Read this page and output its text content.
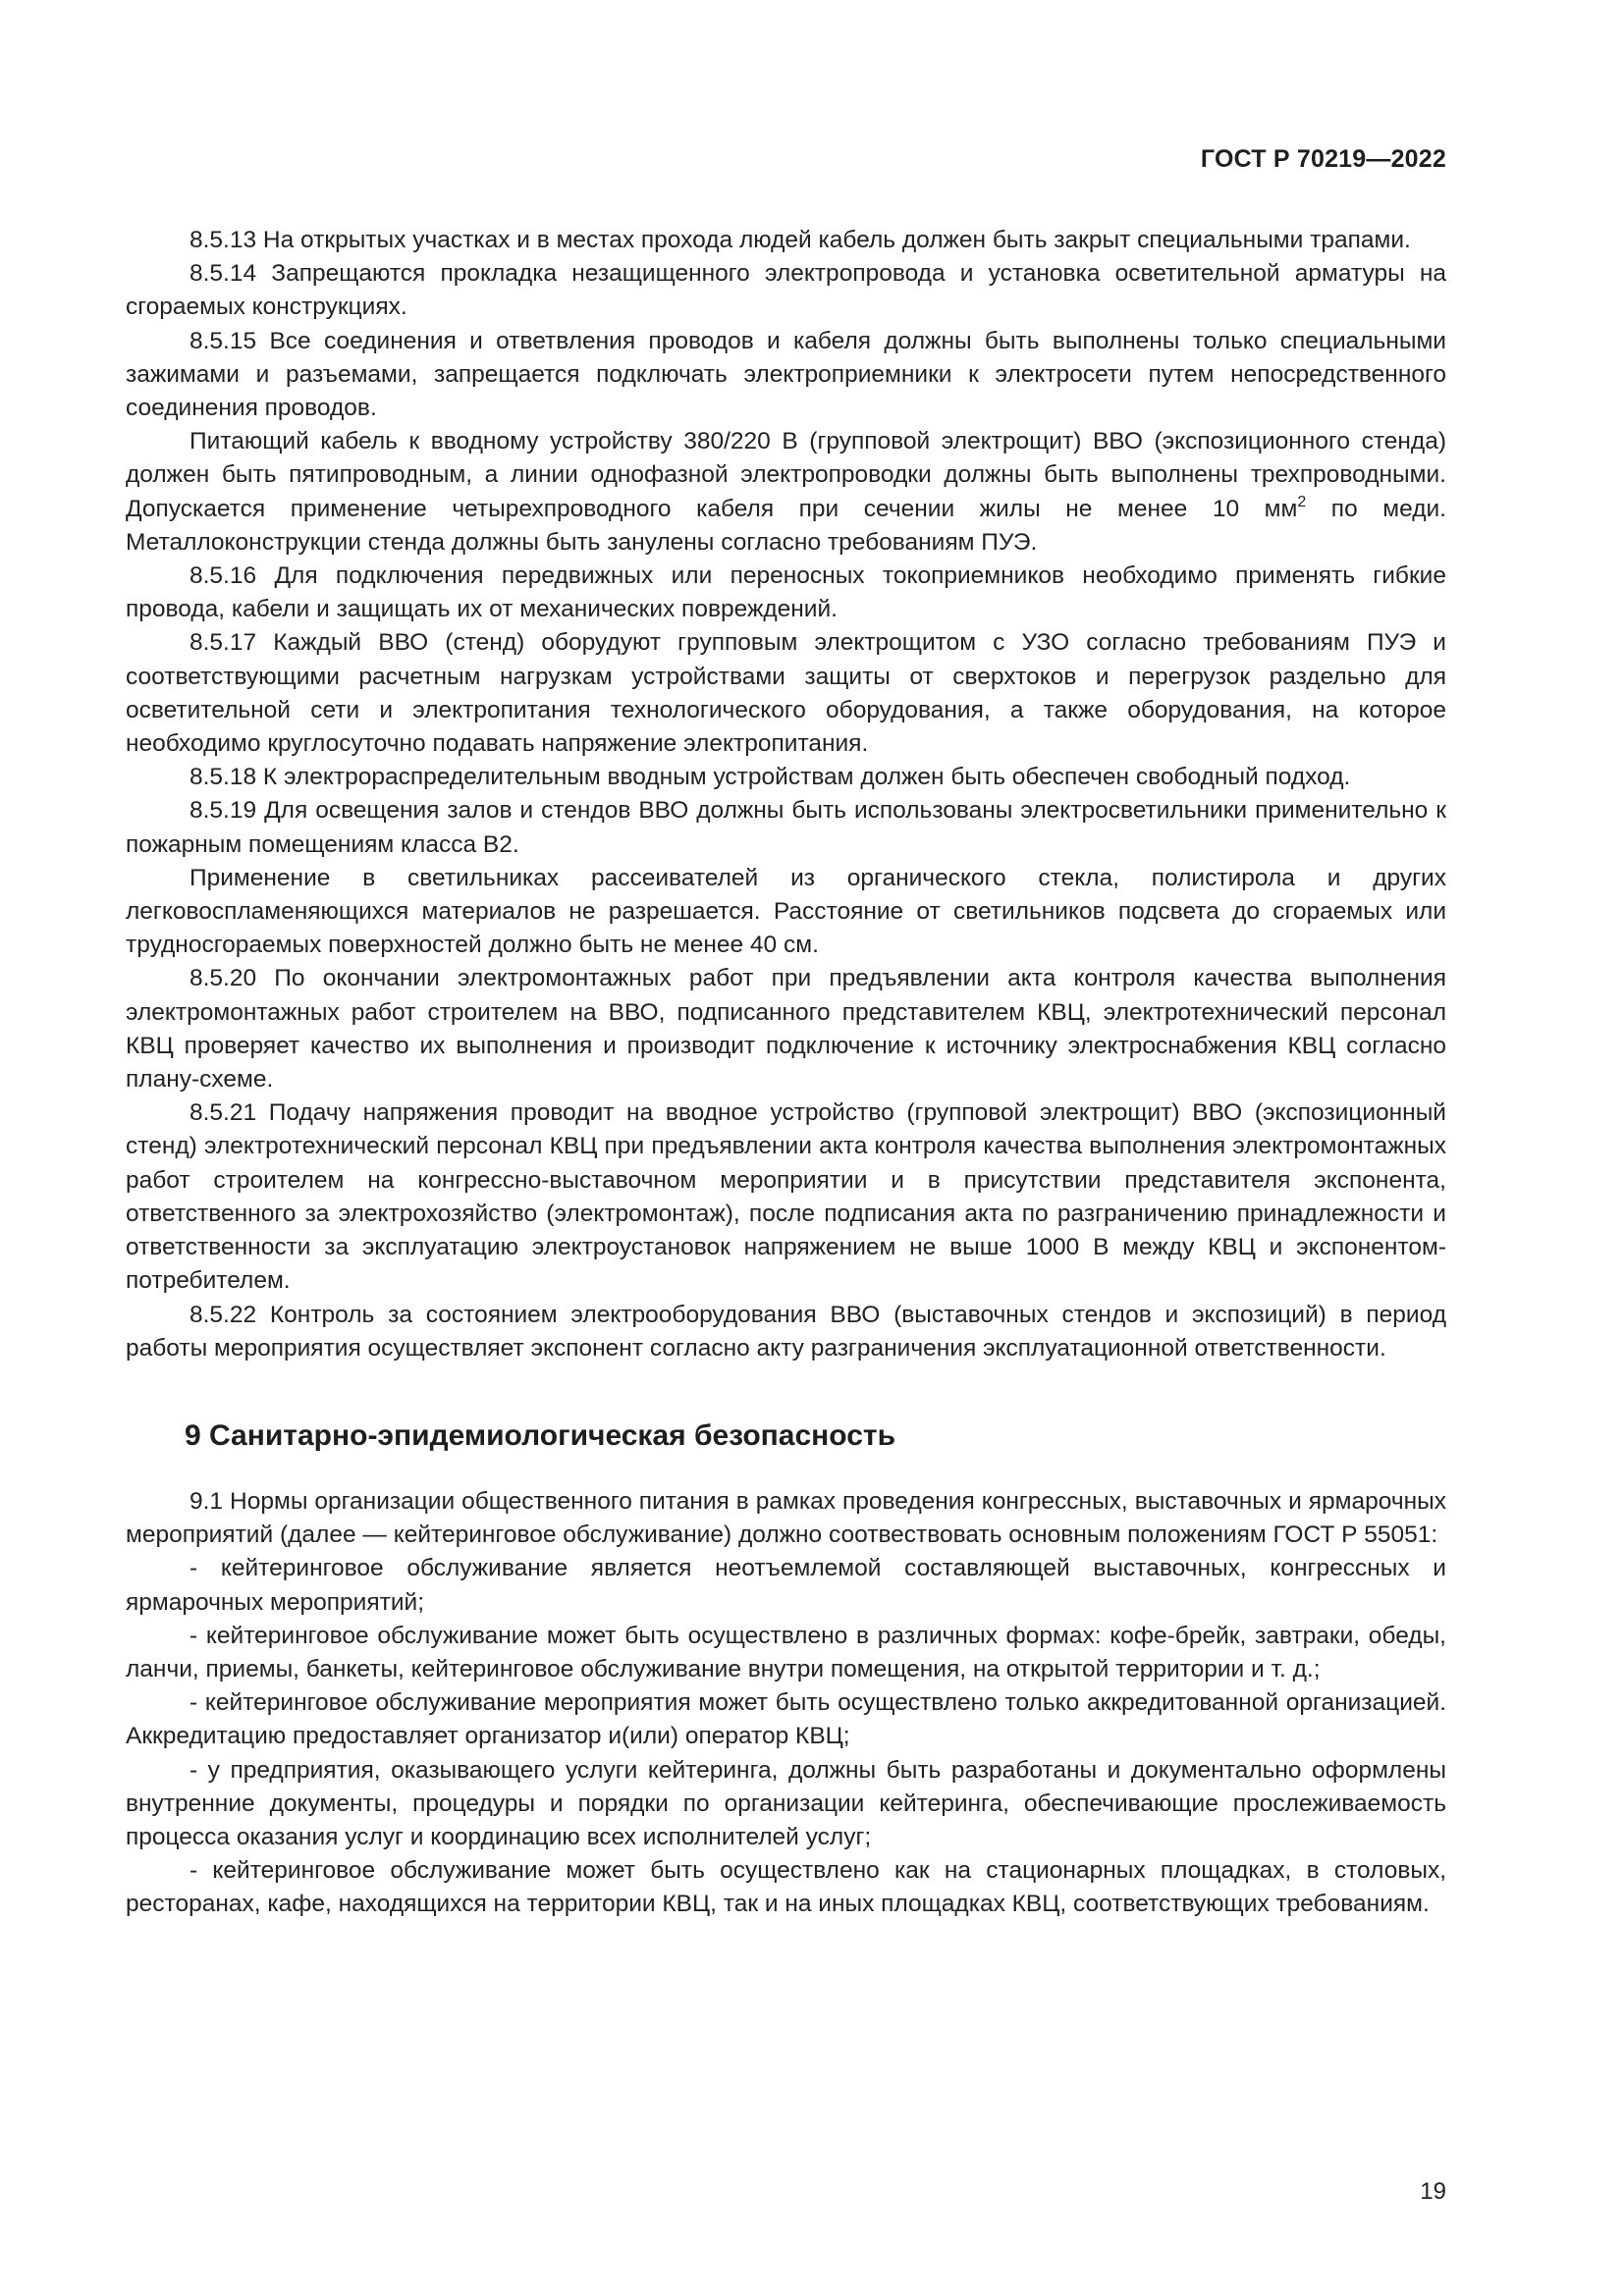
ГОСТ Р 70219—2022

8.5.13 На открытых участках и в местах прохода людей кабель должен быть закрыт специальными трапами.

8.5.14 Запрещаются прокладка незащищенного электропровода и установка осветительной арматуры на сгораемых конструкциях.

8.5.15 Все соединения и ответвления проводов и кабеля должны быть выполнены только специальными зажимами и разъемами, запрещается подключать электроприемники к электросети путем непосредственного соединения проводов.

Питающий кабель к вводному устройству 380/220 В (групповой электрощит) ВВО (экспозиционного стенда) должен быть пятипроводным, а линии однофазной электропроводки должны быть выполнены трехпроводными. Допускается применение четырехпроводного кабеля при сечении жилы не менее 10 $мм^2$ по меди. Металлоконструкции стенда должны быть занулены согласно требованиям ПУЭ.

8.5.16 Для подключения передвижных или переносных токоприемников необходимо применять гибкие провода, кабели и защищать их от механических повреждений.

8.5.17 Каждый ВВО (стенд) оборудуют групповым электрощитом с УЗО согласно требованиям ПУЭ и соответствующими расчетным нагрузкам устройствами защиты от сверхтоков и перегрузок раздельно для осветительной сети и электропитания технологического оборудования, а также оборудования, на которое необходимо круглосуточно подавать напряжение электропитания.

8.5.18 К электрораспределительным вводным устройствам должен быть обеспечен свободный подход.

8.5.19 Для освещения залов и стендов ВВО должны быть использованы электросветильники применительно к пожарным помещениям класса В2.

Применение в светильниках рассеивателей из органического стекла, полистирола и других легковоспламеняющихся материалов не разрешается. Расстояние от светильников подсвета до сгораемых или трудносгораемых поверхностей должно быть не менее 40 см.

8.5.20 По окончании электромонтажных работ при предъявлении акта контроля качества выполнения электромонтажных работ строителем на ВВО, подписанного представителем КВЦ, электротехнический персонал КВЦ проверяет качество их выполнения и производит подключение к источнику электроснабжения КВЦ согласно плану-схеме.

8.5.21 Подачу напряжения проводит на вводное устройство (групповой электрощит) ВВО (экспозиционный стенд) электротехнический персонал КВЦ при предъявлении акта контроля качества выполнения электромонтажных работ строителем на конгрессно-выставочном мероприятии и в присутствии представителя экспонента, ответственного за электрохозяйство (электромонтаж), после подписания акта по разграничению принадлежности и ответственности за эксплуатацию электроустановок напряжением не выше 1000 В между КВЦ и экспонентом-потребителем.

8.5.22 Контроль за состоянием электрооборудования ВВО (выставочных стендов и экспозиций) в период работы мероприятия осуществляет экспонент согласно акту разграничения эксплуатационной ответственности.

9 Санитарно-эпидемиологическая безопасность

9.1 Нормы организации общественного питания в рамках проведения конгрессных, выставочных и ярмарочных мероприятий (далее — кейтеринговое обслуживание) должно соотвествовать основным положениям ГОСТ Р 55051:

- кейтеринговое обслуживание является неотъемлемой составляющей выставочных, конгрессных и ярмарочных мероприятий;

- кейтеринговое обслуживание может быть осуществлено в различных формах: кофе-брейк, завтраки, обеды, ланчи, приемы, банкеты, кейтеринговое обслуживание внутри помещения, на открытой территории и т. д.;

- кейтеринговое обслуживание мероприятия может быть осуществлено только аккредитованной организацией. Аккредитацию предоставляет организатор и(или) оператор КВЦ;

- у предприятия, оказывающего услуги кейтеринга, должны быть разработаны и документально оформлены внутренние документы, процедуры и порядки по организации кейтеринга, обеспечивающие прослеживаемость процесса оказания услуг и координацию всех исполнителей услуг;

- кейтеринговое обслуживание может быть осуществлено как на стационарных площадках, в столовых, ресторанах, кафе, находящихся на территории КВЦ, так и на иных площадках КВЦ, соответствующих требованиям.

19
